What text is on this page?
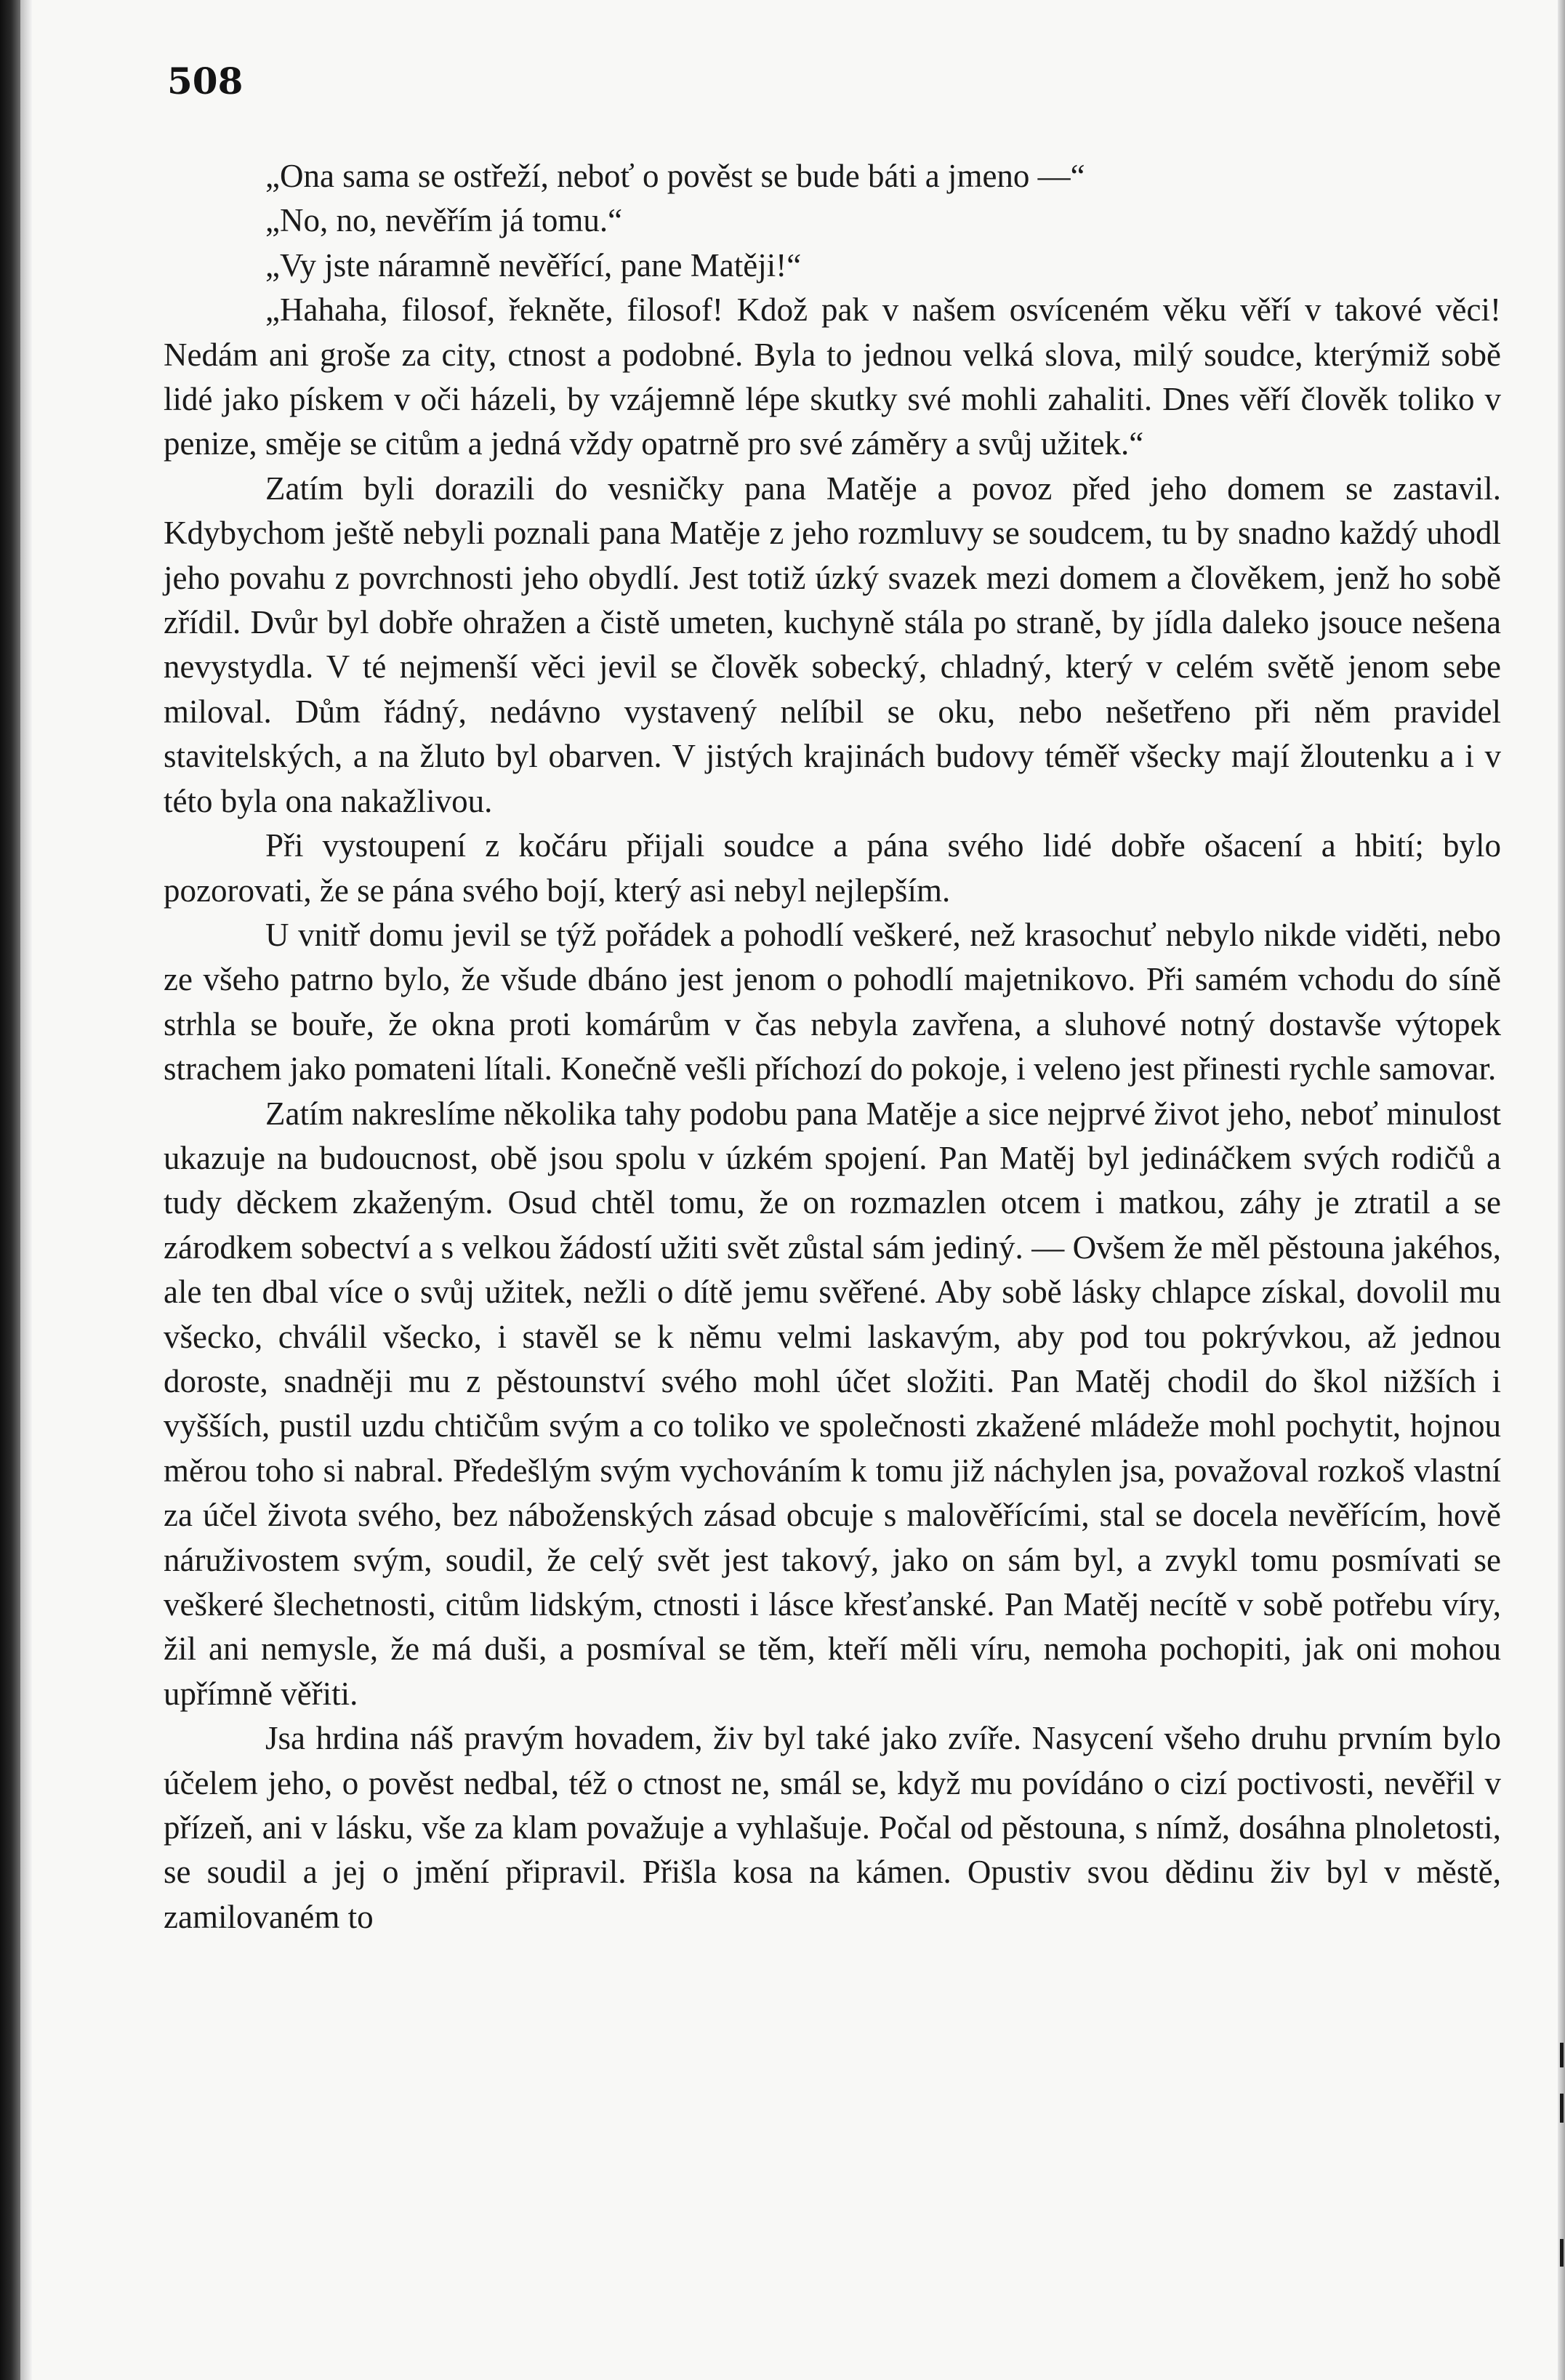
508

„Ona sama se ostřeží, neboť o pověst se bude báti a jmeno —“

„No, no, nevěřím já tomu.“

„Vy jste náramně nevěřící, pane Matěji!“

„Hahaha, filosof, řekněte, filosof! Kdož pak v našem osvíceném věku věří v takové věci! Nedám ani groše za city, ctnost a podobné. Byla to jednou velká slova, milý soudce, kterýmiž sobě lidé jako pískem v oči házeli, by vzájemně lépe skutky své mohli zahaliti. Dnes věří člověk toliko v penize, směje se citům a jedná vždy opatrně pro své záměry a svůj užitek.“

Zatím byli dorazili do vesničky pana Matěje a povoz před jeho domem se zastavil. Kdybychom ještě nebyli poznali pana Matěje z jeho rozmluvy se soudcem, tu by snadno každý uhodl jeho povahu z povrchnosti jeho obydlí. Jest totiž úzký svazek mezi domem a člověkem, jenž ho sobě zřídil. Dvůr byl dobře ohražen a čistě umeten, kuchyně stála po straně, by jídla daleko jsouce nešena nevystydla. V té nejmenší věci jevil se člověk sobecký, chladný, který v celém světě jenom sebe miloval. Dům řádný, nedávno vystavený nelíbil se oku, nebo nešetřeno při něm pravidel stavitelských, a na žluto byl obarven. V jistých krajinách budovy téměř všecky mají žloutenku a i v této byla ona nakažlivou.

Při vystoupení z kočáru přijali soudce a pána svého lidé dobře ošacení a hbití; bylo pozorovati, že se pána svého bojí, který asi nebyl nejlepším.

U vnitř domu jevil se týž pořádek a pohodlí veškeré, než krasochuť nebylo nikde viděti, nebo ze všeho patrno bylo, že všude dbáno jest jenom o pohodlí majetnikovo. Při samém vchodu do síně strhla se bouře, že okna proti komárům v čas nebyla zavřena, a sluhové notný dostavše výtopek strachem jako pomateni lítali. Konečně vešli příchozí do pokoje, i veleno jest přinesti rychle samovar.

Zatím nakreslíme několika tahy podobu pana Matěje a sice nejprvé život jeho, neboť minulost ukazuje na budoucnost, obě jsou spolu v úzkém spojení. Pan Matěj byl jedináčkem svých rodičů a tudy děckem zkaženým. Osud chtěl tomu, že on rozmazlen otcem i matkou, záhy je ztratil a se zárodkem sobectví a s velkou žádostí užiti svět zůstal sám jediný. — Ovšem že měl pěstouna jakéhos, ale ten dbal více o svůj užitek, nežli o dítě jemu svěřené. Aby sobě lásky chlapce získal, dovolil mu všecko, chválil všecko, i stavěl se k němu velmi laskavým, aby pod tou pokrývkou, až jednou doroste, snadněji mu z pěstounství svého mohl účet složiti. Pan Matěj chodil do škol nižších i vyšších, pustil uzdu chtičům svým a co toliko ve společnosti zkažené mládeže mohl pochytit, hojnou měrou toho si nabral. Předešlým svým vychováním k tomu již náchylen jsa, považoval rozkoš vlastní za účel života svého, bez náboženských zásad obcuje s malověřícími, stal se docela nevěřícím, hově náruživostem svým, soudil, že celý svět jest takový, jako on sám byl, a zvykl tomu posmívati se veškeré šlechetnosti, citům lidským, ctnosti i lásce křesťanské. Pan Matěj necítě v sobě potřebu víry, žil ani nemysle, že má duši, a posmíval se těm, kteří měli víru, nemoha pochopiti, jak oni mohou upřímně věřiti.

Jsa hrdina náš pravým hovadem, živ byl také jako zvíře. Nasycení všeho druhu prvním bylo účelem jeho, o pověst nedbal, též o ctnost ne, smál se, když mu povídáno o cizí poctivosti, nevěřil v přízeň, ani v lásku, vše za klam považuje a vyhlašuje. Počal od pěstouna, s nímž, dosáhna plnoletosti, se soudil a jej o jmění připravil. Přišla kosa na kámen. Opustiv svou dědinu živ byl v městě, zamilovaném to
